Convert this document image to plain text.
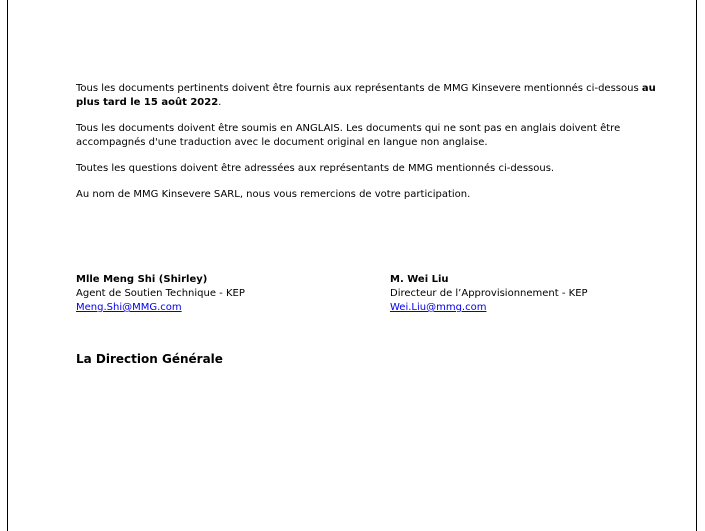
Tous les documents pertinents doivent être fournis aux représentants de MMG Kinsevere mentionnés ci-dessous au plus tard le 15 août 2022.

Tous les documents doivent être soumis en ANGLAIS. Les documents qui ne sont pas en anglais doivent être accompagnés d'une traduction avec le document original en langue non anglaise.

Toutes les questions doivent être adressées aux représentants de MMG mentionnés ci-dessous.

Au nom de MMG Kinsevere SARL, nous vous remercions de votre participation.

Mlle Meng Shi (Shirley)
Agent de Soutien Technique - KEP
Meng.Shi@MMG.com
M. Wei Liu
Directeur de l’Approvisionnement - KEP
Wei.Liu@mmg.com
La Direction Générale
